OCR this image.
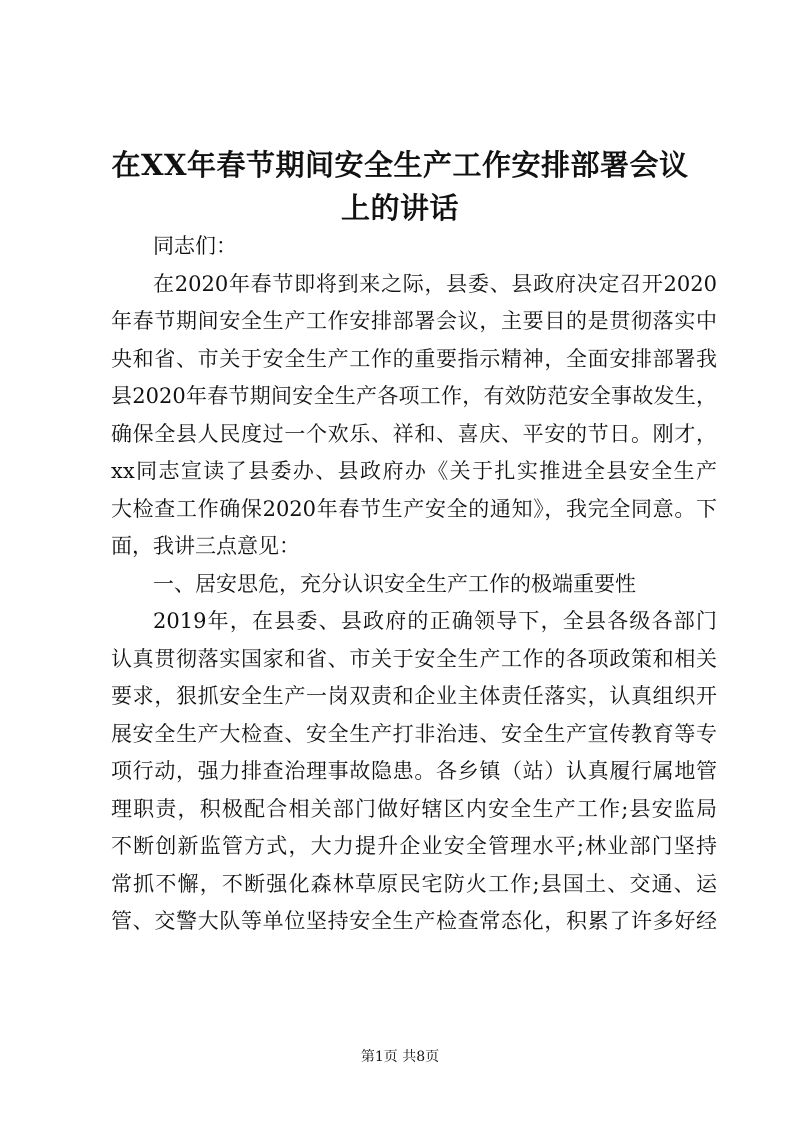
在XX年春节期间安全生产工作安排部署会议
上的讲话
同志们：
在2020年春节即将到来之际，县委、县政府决定召开2020
年春节期间安全生产工作安排部署会议，主要目的是贯彻落实中
央和省、市关于安全生产工作的重要指示精神，全面安排部署我
县2020年春节期间安全生产各项工作，有效防范安全事故发生，
确保全县人民度过一个欢乐、祥和、喜庆、平安的节日。刚才，
xx同志宣读了县委办、县政府办《关于扎实推进全县安全生产
大检查工作确保2020年春节生产安全的通知》，我完全同意。下
面，我讲三点意见：
一、居安思危，充分认识安全生产工作的极端重要性
2019年，在县委、县政府的正确领导下，全县各级各部门
认真贯彻落实国家和省、市关于安全生产工作的各项政策和相关
要求，狠抓安全生产一岗双责和企业主体责任落实，认真组织开
展安全生产大检查、安全生产打非治违、安全生产宣传教育等专
项行动，强力排查治理事故隐患。各乡镇（站）认真履行属地管
理职责，积极配合相关部门做好辖区内安全生产工作;县安监局
不断创新监管方式，大力提升企业安全管理水平;林业部门坚持
常抓不懈，不断强化森林草原民宅防火工作;县国土、交通、运
管、交警大队等单位坚持安全生产检查常态化，积累了许多好经
第1页 共8页
